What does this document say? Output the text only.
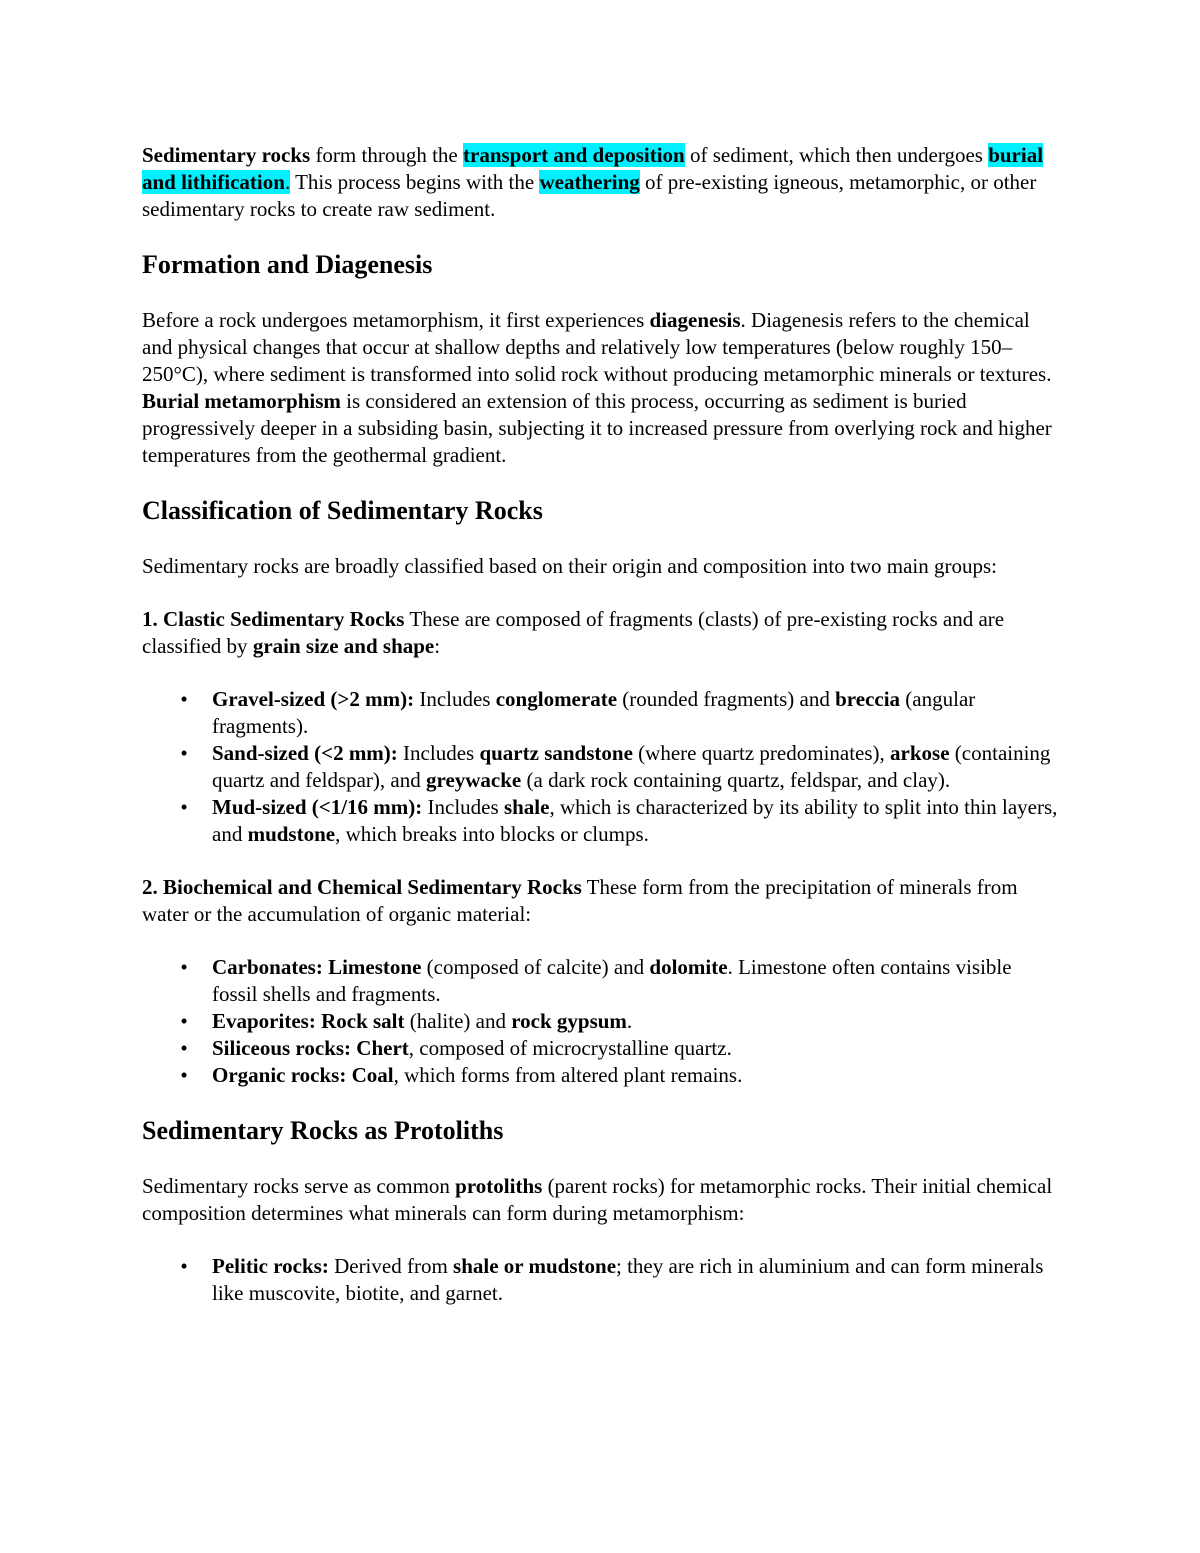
Sedimentary rocks form through the transport and deposition of sediment, which then undergoes burial and lithification. This process begins with the weathering of pre-existing igneous, metamorphic, or other sedimentary rocks to create raw sediment.

Formation and Diagenesis

Before a rock undergoes metamorphism, it first experiences diagenesis. Diagenesis refers to the chemical and physical changes that occur at shallow depths and relatively low temperatures (below roughly 150–250°C), where sediment is transformed into solid rock without producing metamorphic minerals or textures. Burial metamorphism is considered an extension of this process, occurring as sediment is buried progressively deeper in a subsiding basin, subjecting it to increased pressure from overlying rock and higher temperatures from the geothermal gradient.

Classification of Sedimentary Rocks

Sedimentary rocks are broadly classified based on their origin and composition into two main groups:

1. Clastic Sedimentary Rocks These are composed of fragments (clasts) of pre-existing rocks and are classified by grain size and shape:

•	Gravel-sized (>2 mm): Includes conglomerate (rounded fragments) and breccia (angular fragments).
•	Sand-sized (<2 mm): Includes quartz sandstone (where quartz predominates), arkose (containing quartz and feldspar), and greywacke (a dark rock containing quartz, feldspar, and clay).
•	Mud-sized (<1/16 mm): Includes shale, which is characterized by its ability to split into thin layers, and mudstone, which breaks into blocks or clumps.

2. Biochemical and Chemical Sedimentary Rocks These form from the precipitation of minerals from water or the accumulation of organic material:

•	Carbonates: Limestone (composed of calcite) and dolomite. Limestone often contains visible fossil shells and fragments.
•	Evaporites: Rock salt (halite) and rock gypsum.
•	Siliceous rocks: Chert, composed of microcrystalline quartz.
•	Organic rocks: Coal, which forms from altered plant remains.
Sedimentary Rocks as Protoliths

Sedimentary rocks serve as common protoliths (parent rocks) for metamorphic rocks. Their initial chemical composition determines what minerals can form during metamorphism:

•	Pelitic rocks: Derived from shale or mudstone; they are rich in aluminium and can form minerals like muscovite, biotite, and garnet.
